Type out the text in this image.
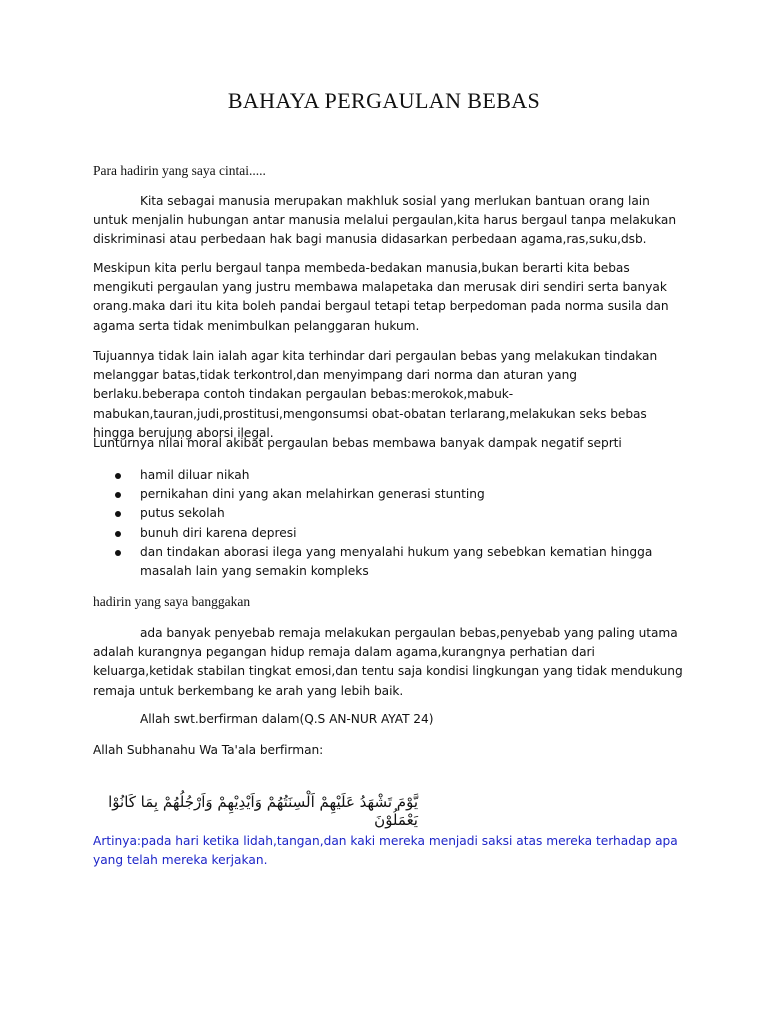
BAHAYA PERGAULAN BEBAS

Para hadirin yang saya cintai.....

Kita sebagai manusia merupakan makhluk sosial yang merlukan bantuan orang lain untuk menjalin hubungan antar manusia melalui pergaulan,kita harus bergaul tanpa melakukan diskriminasi atau perbedaan hak bagi manusia didasarkan perbedaan agama,ras,suku,dsb.

Meskipun kita perlu bergaul tanpa membeda-bedakan manusia,bukan berarti kita bebas mengikuti pergaulan yang justru membawa malapetaka dan merusak diri sendiri serta banyak orang.maka dari itu kita boleh pandai bergaul tetapi tetap berpedoman pada norma susila dan agama serta tidak menimbulkan pelanggaran hukum.

Tujuannya tidak lain ialah agar kita terhindar dari pergaulan bebas yang melakukan tindakan melanggar batas,tidak terkontrol,dan menyimpang dari norma dan aturan yang berlaku.beberapa contoh tindakan pergaulan bebas:merokok,mabuk-mabukan,tauran,judi,prostitusi,mengonsumsi obat-obatan terlarang,melakukan seks bebas hingga berujung aborsi ilegal.

Lunturnya nilai moral akibat pergaulan bebas membawa banyak dampak negatif seprti

hamil diluar nikah
pernikahan dini yang akan melahirkan generasi stunting
putus sekolah
bunuh diri karena depresi
dan tindakan aborasi ilega yang menyalahi hukum yang sebebkan kematian hingga masalah lain yang semakin kompleks

hadirin yang saya banggakan

ada banyak penyebab remaja melakukan pergaulan bebas,penyebab yang paling utama adalah kurangnya pegangan hidup remaja dalam agama,kurangnya perhatian dari keluarga,ketidak stabilan tingkat emosi,dan tentu saja kondisi lingkungan yang tidak mendukung remaja untuk berkembang ke arah yang lebih baik.

Allah swt.berfirman dalam(Q.S AN-NUR AYAT 24)

Allah Subhanahu Wa Ta'ala berfirman:

يَّوْمَ تَشْهَدُ عَلَيْهِمْ اَلْسِنَتُهُمْ وَاَيْدِيْهِمْ وَاَرْجُلُهُمْ بِمَا كَانُوْا يَعْمَلُوْنَ

Artinya:pada hari ketika lidah,tangan,dan kaki mereka menjadi saksi atas mereka terhadap apa yang telah mereka kerjakan.
